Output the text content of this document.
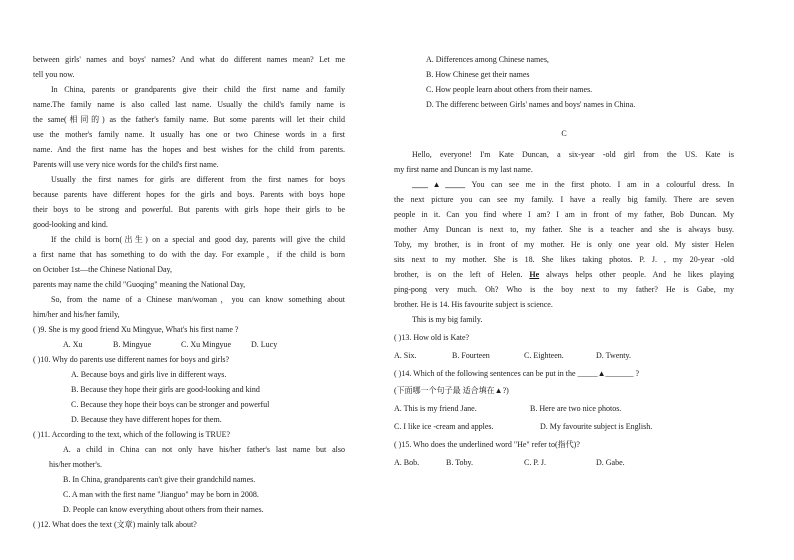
between girls' names and boys' names? And what do different names mean? Let me
tell you now.
In China, parents or grandparents give their child the first name and family
name.The family name is also called last name. Usually the child's family name is
the same(相同的) as the father's family name. But some parents will let their child
use the mother's family name. It usually has one or two Chinese words in a first
name. And the first name has the hopes and best wishes for the child from parents.
Parents will use very nice words for the child's first name.
Usually the first names for girls are different from the first names for boys
because parents have different hopes for the girls and boys. Parents with boys hope
their boys to be strong and powerful. But parents with girls hope their girls to be
good-looking and kind.
If the child is born(出生) on a special and good day, parents will give the child
a first name that has something to do with the day. For example，if the child is born
on October 1st—the Chinese National Day,
parents may name the child "Guoqing" meaning the National Day,
So, from the name of a Chinese man/woman，you can know something about
him/her and his/her family,
( )9. She is my good friend Xu Mingyue, What's his first name ?
A. Xu	B. Mingyue	C. Xu Mingyue	D. Lucy
( )10. Why do parents use different names for boys and girls?
A. Because boys and girls live in different ways.
B. Because they hope their girls are good-looking and kind
C. Because they hope their boys can be stronger and powerful
D. Because they have different hopes for them.
( )11. According to the text, which of the following is TRUE?
A. a child in China can not only have his/her father's last name but also
his/her mother's.
B. In China, grandparents can't give their grandchild names.
C. A man with the first name "Jianguo" may be born in 2008.
D. People can know everything about others from their names.
( )12. What does the text (文章) mainly talk about?
A. Differences among Chinese names,
B. How Chinese get their names
C. How people learn about others from their names.
D. The differenc between Girls' names and boys' names in China.
C
Hello, everyone! I'm Kate Duncan, a six-year -old girl from the US. Kate is
my first name and Duncan is my last name.
____▲_____ You can see me in the first photo. I am in a colourful dress. In
the next picture you can see my family. I have a really big family. There are seven
people in it. Can you find where I am? I am in front of my father, Bob Duncan. My
mother Amy Duncan is next to, my father. She is a teacher and she is always busy.
Toby, my brother, is in front of my mother. He is only one year old. My sister Helen
sits next to my mother. She is 18. She likes taking photos. P. J. , my 20-year -old
brother, is on the left of Helen. He always helps other people. And he likes playing
ping-pong very much. Oh? Who is the boy next to my father? He is Gabe, my
brother. He is 14. His favourite subject is science.
This is my big family.
( )13. How old is Kate?
A. Six.	B. Fourteen	C. Eighteen.	D. Twenty.
( )14. Which of the following sentences can be put in the _____▲_______ ?
(下面哪一个句子最 适合填在▲?)
A. This is my friend Jane.	B. Here are two nice photos.
C. I like ice -cream and apples.	D. My favourite subject is English.
( )15. Who does the underlined word "He" refer to(指代)?
A. Bob.	B. Toby.	C. P. J.	D. Gabe.
